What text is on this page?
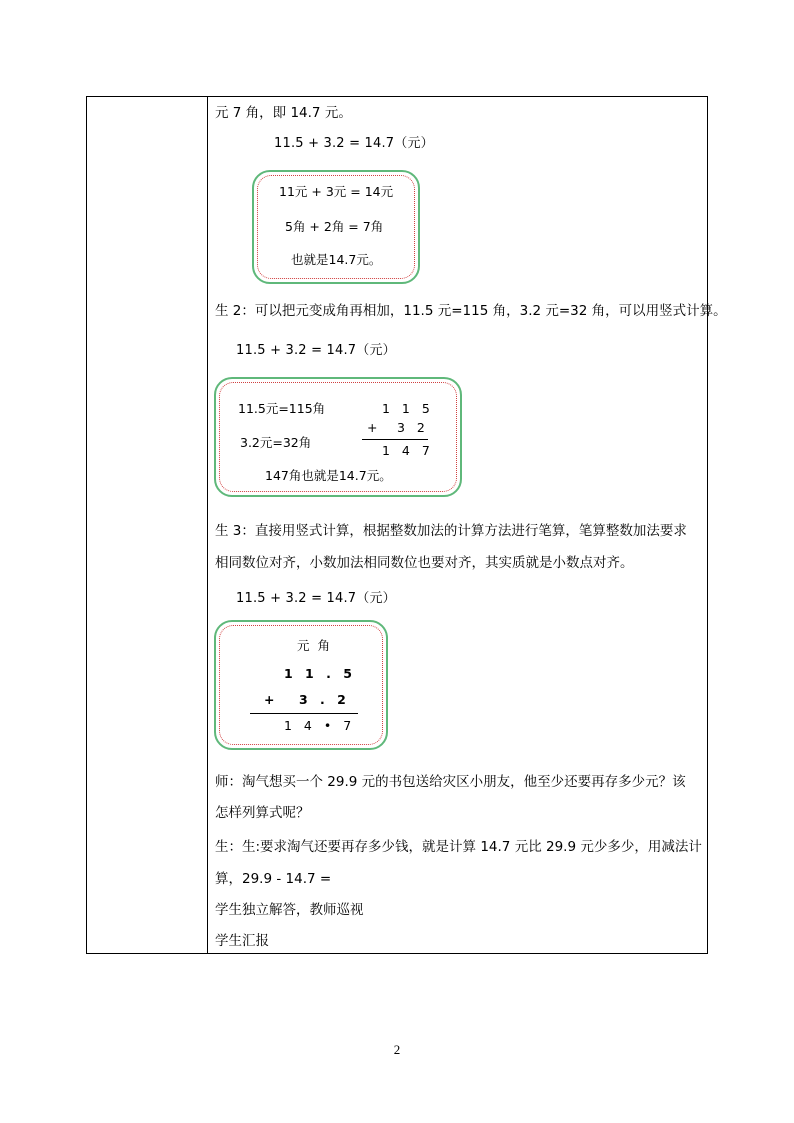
元 7 角，即 14.7 元。
11.5 + 3.2 = 14.7（元）
11元 + 3元 = 14元
5角 + 2角 = 7角
也就是14.7元。
生 2：可以把元变成角再相加，11.5 元=115 角，3.2 元=32 角，可以用竖式计算。
11.5 + 3.2 = 14.7（元）
11.5元=115角
3.2元=32角
147角也就是14.7元。
1 1 5
+ 3 2
1 4 7
生 3：直接用竖式计算，根据整数加法的计算方法进行笔算，笔算整数加法要求
相同数位对齐，小数加法相同数位也要对齐，其实质就是小数点对齐。
11.5 + 3.2 = 14.7（元）
元 角
1 1 . 5
+ 3 . 2
1 4 • 7
师：淘气想买一个 29.9 元的书包送给灾区小朋友，他至少还要再存多少元？该
怎样列算式呢？
生：生:要求淘气还要再存多少钱，就是计算 14.7 元比 29.9 元少多少，用减法计
算，29.9 - 14.7 =
学生独立解答，教师巡视
学生汇报
2
